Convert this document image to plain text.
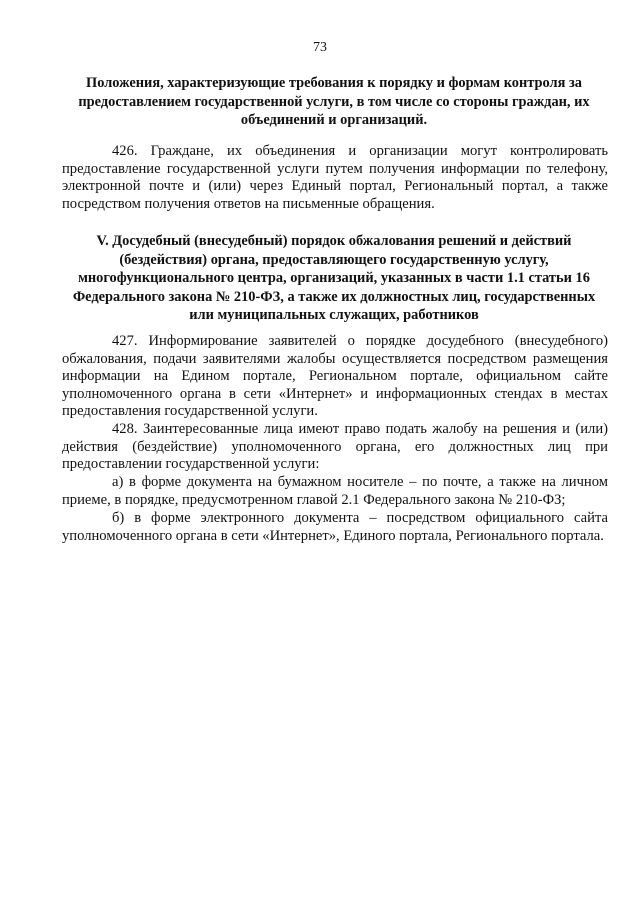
73
Положения, характеризующие требования к порядку и формам контроля за предоставлением государственной услуги, в том числе со стороны граждан, их объединений и организаций.

426. Граждане, их объединения и организации могут контролировать предоставление государственной услуги путем получения информации по телефону, электронной почте и (или) через Единый портал, Региональный портал, а также посредством получения ответов на письменные обращения.

V. Досудебный (внесудебный) порядок обжалования решений и действий (бездействия) органа, предоставляющего государственную услугу, многофункционального центра, организаций, указанных в части 1.1 статьи 16 Федерального закона № 210-ФЗ, а также их должностных лиц, государственных или муниципальных служащих, работников

427. Информирование заявителей о порядке досудебного (внесудебного) обжалования, подачи заявителями жалобы осуществляется посредством размещения информации на Едином портале, Региональном портале, официальном сайте уполномоченного органа в сети «Интернет» и информационных стендах в местах предоставления государственной услуги.

428. Заинтересованные лица имеют право подать жалобу на решения и (или) действия (бездействие) уполномоченного органа, его должностных лиц при предоставлении государственной услуги:

а) в форме документа на бумажном носителе – по почте, а также на личном приеме, в порядке, предусмотренном главой 2.1 Федерального закона № 210-ФЗ;

б) в форме электронного документа – посредством официального сайта уполномоченного органа в сети «Интернет», Единого портала, Регионального портала.
